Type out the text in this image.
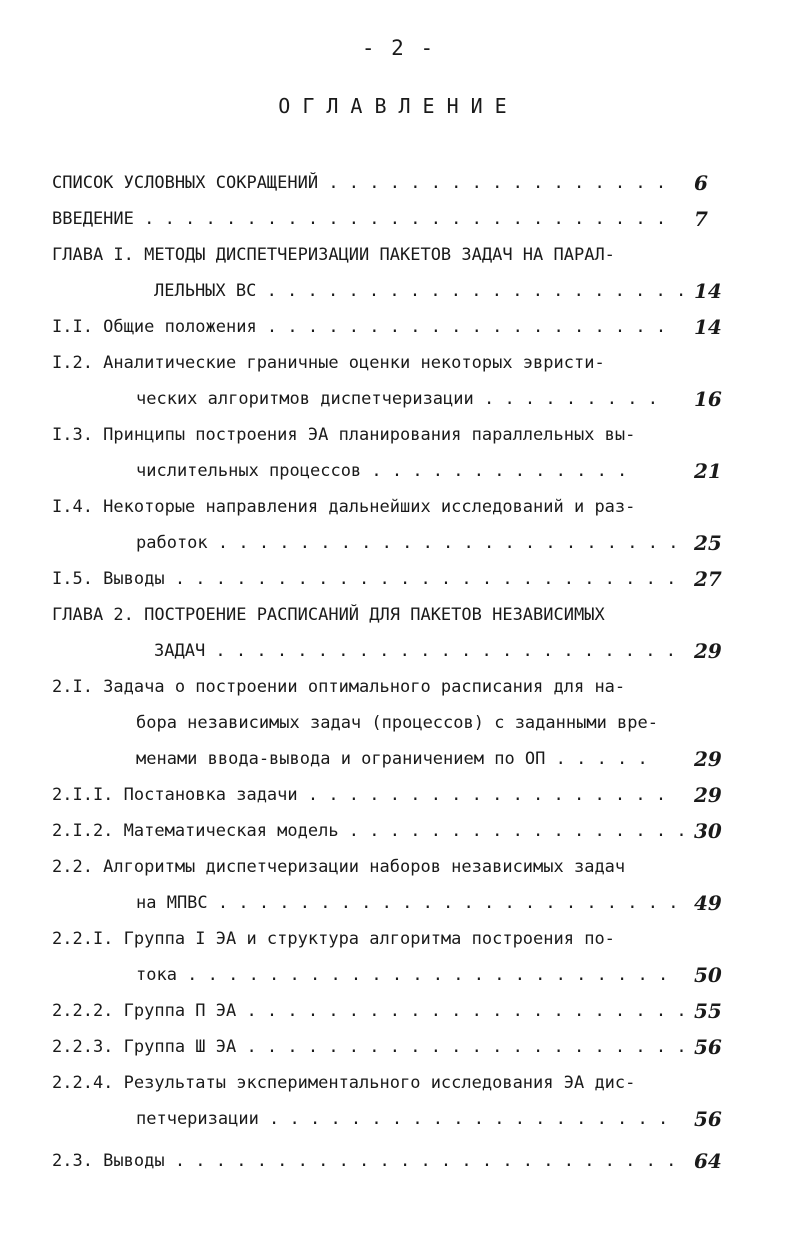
- 2 -
ОГЛАВЛЕНИЕ
СПИСОК УСЛОВНЫХ СОКРАЩЕНИЙ . . . . . . . . . . . . . . . . . 6
ВВЕДЕНИЕ . . . . . . . . . . . . . . . . . . . . . . . . . . 7
ГЛАВА I. МЕТОДЫ ДИСПЕТЧЕРИЗАЦИИ ПАКЕТОВ ЗАДАЧ НА ПАРАЛ-
ЛЕЛЬНЫХ ВС . . . . . . . . . . . . . . . . . . . . . 14
I.I. Общие положения . . . . . . . . . . . . . . . . . . . . 14
I.2. Аналитические граничные оценки некоторых эвристи-
ческих алгоритмов диспетчеризации . . . . . . . . . 16
I.3. Принципы построения ЭА планирования параллельных вы-
числительных процессов . . . . . . . . . . . . .	21
I.4. Некоторые направления дальнейших исследований и раз-
работок . . . . . . . . . . . . . . . . . . . . . . . 25
I.5. Выводы . . . . . . . . . . . . . . . . . . . . . . . . . 27
ГЛАВА 2. ПОСТРОЕНИЕ РАСПИСАНИЙ ДЛЯ ПАКЕТОВ НЕЗАВИСИМЫХ
ЗАДАЧ . . . . . . . . . . . . . . . . . . . . . . . 29
2.I. Задача о построении оптимального расписания для на-
бора независимых задач (процессов) с заданными вре-
менами ввода-вывода и ограничением по ОП . . . . . 29
2.I.I. Постановка задачи . . . . . . . . . . . . . . . . . . 29
2.I.2. Математическая модель . . . . . . . . . . . . . . . . . 30
2.2. Алгоритмы диспетчеризации наборов независимых задач
на МПВС . . . . . . . . . . . . . . . . . . . . . . . 49
2.2.I. Группа I ЭА и структура алгоритма построения по-
тока . . . . . . . . . . . . . . . . . . . . . . . . 50
2.2.2. Группа П ЭА . . . . . . . . . . . . . . . . . . . . . . 55
2.2.3. Группа Ш ЭА . . . . . . . . . . . . . . . . . . . . . . 56
2.2.4. Результаты экспериментального исследования ЭА дис-
петчеризации . . . . . . . . . . . . . . . . . . . . 56
2.3. Выводы . . . . . . . . . . . . . . . . . . . . . . . . . 64
